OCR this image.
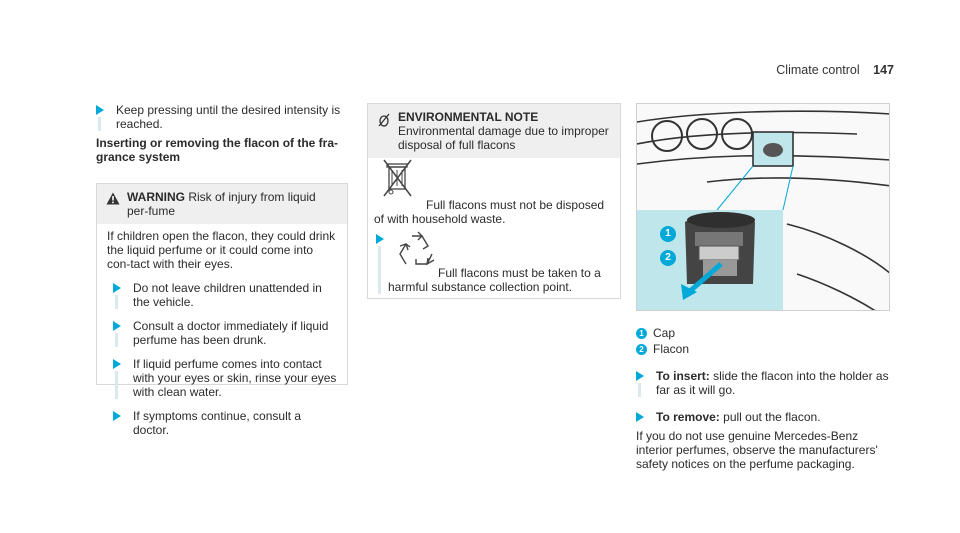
Climate control 147
Keep pressing until the desired intensity is reached.
Inserting or removing the flacon of the fra-grance system
WARNING Risk of injury from liquid per-fume
If children open the flacon, they could drink the liquid perfume or it could come into con-tact with their eyes.
Do not leave children unattended in the vehicle.
Consult a doctor immediately if liquid perfume has been drunk.
If liquid perfume comes into contact with your eyes or skin, rinse your eyes with clean water.
If symptoms continue, consult a doctor.
ENVIRONMENTAL NOTE Environmental damage due to improper disposal of full flacons
Full flacons must not be disposed of with household waste.
Full flacons must be taken to a harmful substance collection point.
1
2
1 Cap
2 Flacon
To insert: slide the flacon into the holder as far as it will go.
To remove: pull out the flacon.
If you do not use genuine Mercedes-Benz interior perfumes, observe the manufacturers' safety notices on the perfume packaging.
